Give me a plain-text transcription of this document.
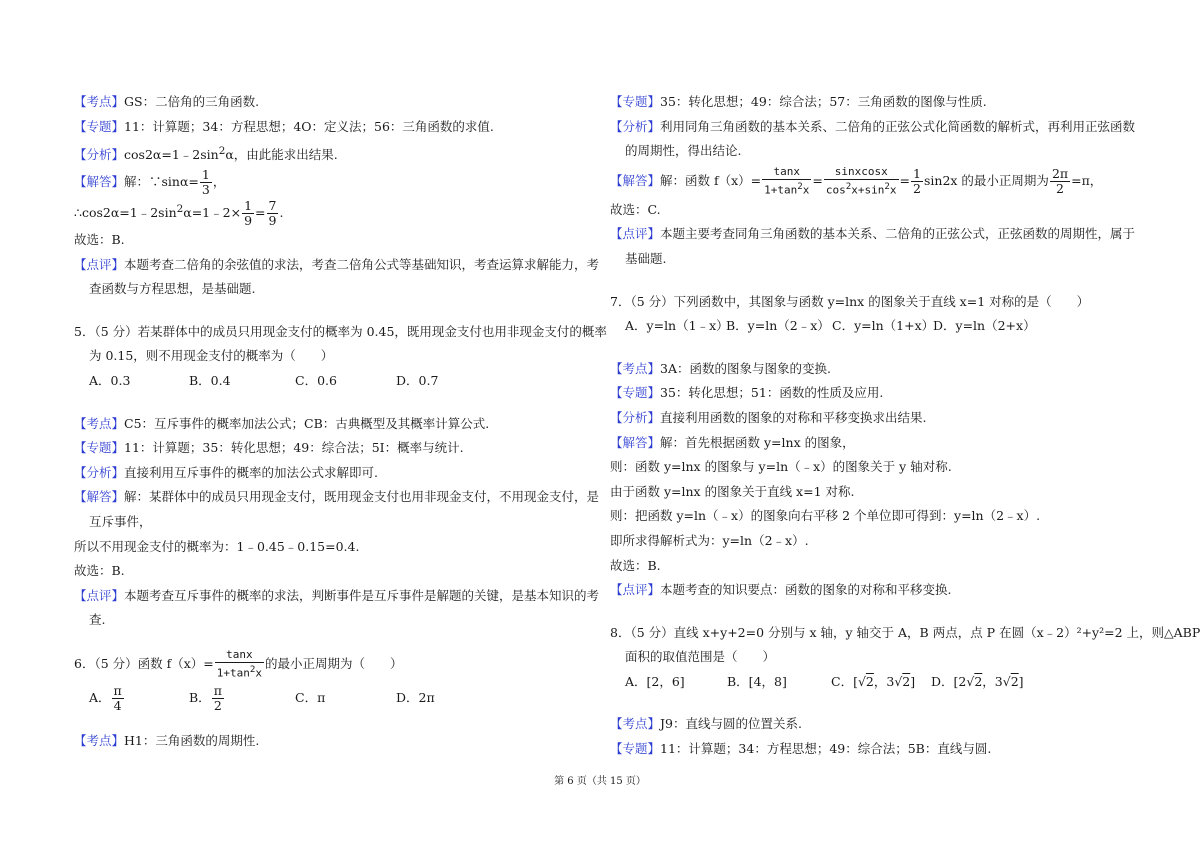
【考点】GS：二倍角的三角函数.
【专题】11：计算题；34：方程思想；4O：定义法；56：三角函数的求值.
【分析】$\cos 2\alpha=1﹣2\sin^2\alpha$，由此能求出结果.
【解答】解：∵sinα= $\frac{1}{3}$ ，
$\therefore\cos 2\alpha=1﹣2\sin^2\alpha=1﹣2\times \frac{1}{9} = \frac{7}{9}$ .
故选：B.
【点评】本题考查二倍角的余弦值的求法，考查二倍角公式等基础知识，考查运算求解能力，考
查函数与方程思想，是基础题.
5．（5 分）若某群体中的成员只用现金支付的概率为 0.45，既用现金支付也用非现金支付的概率
为 0.15，则不用现金支付的概率为（　　）
A．0.3	B．0.4	C．0.6	D．0.7
【考点】C5：互斥事件的概率加法公式；CB：古典概型及其概率计算公式.
【专题】11：计算题；35：转化思想；49：综合法；5I：概率与统计.
【分析】直接利用互斥事件的概率的加法公式求解即可.
【解答】解：某群体中的成员只用现金支付，既用现金支付也用非现金支付，不用现金支付，是
互斥事件，
所以不用现金支付的概率为：1﹣0.45﹣0.15=0.4.
故选：B.
【点评】本题考查互斥事件的概率的求法，判断事件是互斥事件是解题的关键，是基本知识的考
查.
6．（5 分）函数 $f(x)= \frac{\tan x}{1+\tan^2x}$ 的最小正周期为（　　）
A． $\frac{\pi}{4}$	B． $\frac{\pi}{2}$	C．π	D．2π
【考点】H1：三角函数的周期性.
【专题】35：转化思想；49：综合法；57：三角函数的图像与性质.
【分析】利用同角三角函数的基本关系、二倍角的正弦公式化简函数的解析式，再利用正弦函数
的周期性，得出结论.
【解答】解：函数 $f(x)= \frac{\tan x}{1+\tan^2x} = \frac{\text{sinxcosx}}{\cos^2x+\sin^2x} = \frac{1}{2} \sin 2x$ 的最小正周期为 $\frac{2\pi}{2} =\pi$，
故选：C.
【点评】本题主要考查同角三角函数的基本关系、二倍角的正弦公式，正弦函数的周期性，属于
基础题.
7．（5 分）下列函数中，其图象与函数 y=lnx 的图象关于直线 x=1 对称的是（　　）
A．y=ln（1﹣x）
B．y=ln（2﹣x） C．y=ln（1+x）
D．y=ln（2+x）
【考点】3A：函数的图象与图象的变换.
【专题】35：转化思想；51：函数的性质及应用.
【分析】直接利用函数的图象的对称和平移变换求出结果.
【解答】解：首先根据函数 y=lnx 的图象，
则：函数 y=lnx 的图象与 y=ln（﹣x）的图象关于 y 轴对称.
由于函数 y=lnx 的图象关于直线 x=1 对称.
则：把函数 y=ln（﹣x）的图象向右平移 2 个单位即可得到：y=ln（2﹣x）.
即所求得解析式为：y=ln（2﹣x）.
故选：B.
【点评】本题考查的知识要点：函数的图象的对称和平移变换.
8．（5 分）直线 x+y+2=0 分别与 x 轴，y 轴交于 A，B 两点，点 P 在圆（x﹣2）²+y²=2 上，则△ABP
面积的取值范围是（　　）
A．[2，6]	B．[4，8]	C．[√2，3√2]	D．[2√2，3√2]
【考点】J9：直线与圆的位置关系.
【专题】11：计算题；34：方程思想；49：综合法；5B：直线与圆.
第 6 页（共 15 页）
